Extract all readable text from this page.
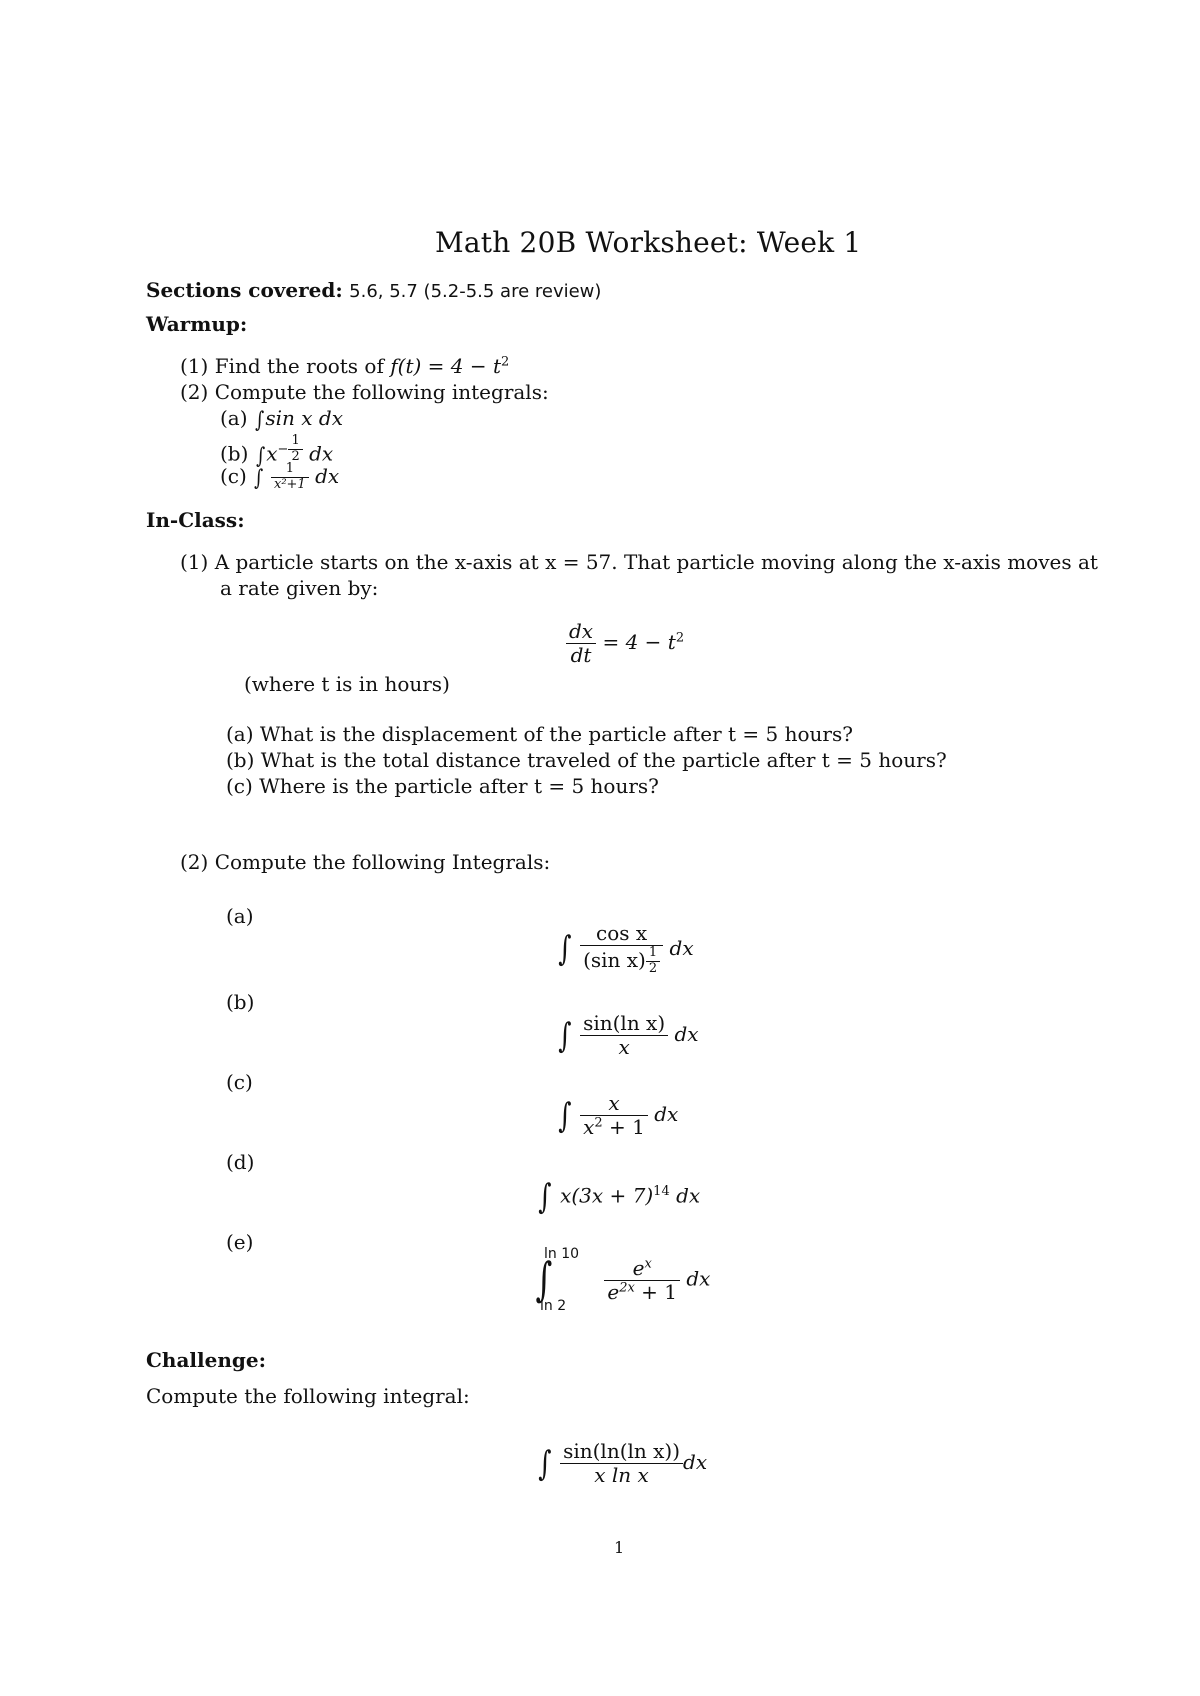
Math 20B Worksheet: Week 1
Sections covered: 5.6, 5.7 (5.2-5.5 are review)
Warmup:
(1) Find the roots of $f(t) = 4 - t^2$
(2) Compute the following integrals:
(a) ∫sin x dx
(b) $\int x^{- \frac{1}{2}}$ dx
(c) ∫ $\frac{1}{\text{x²+1}}$ dx
In-Class:
(1) A particle starts on the x-axis at x = 57. That particle moving along the x-axis moves at
a rate given by:
$\frac{dx}{dt} = 4 - t^2$
(where t is in hours)
(a) What is the displacement of the particle after t = 5 hours?
(b) What is the total distance traveled of the particle after t = 5 hours?
(c) Where is the particle after t = 5 hours?
(2) Compute the following Integrals:
(a)
∫ $\frac{\text{cos x}}{(\sin x) \frac{1}{2}}$ dx
(b)
∫ $\frac{\text{sin(ln x)}}{x}$ dx
(c)
∫ $\frac{x}{x^2 + 1}$ dx
(d)
∫ $x(3x + 7)^{14}$ dx
(e)
∫
ln 10
ln 2

$\frac{e^x}{e^{2x} + 1}$ dx
Challenge:
Compute the following integral:
∫ $\frac{\text{sin(ln(ln x))}}{\text{x ln x}}$ dx
1
